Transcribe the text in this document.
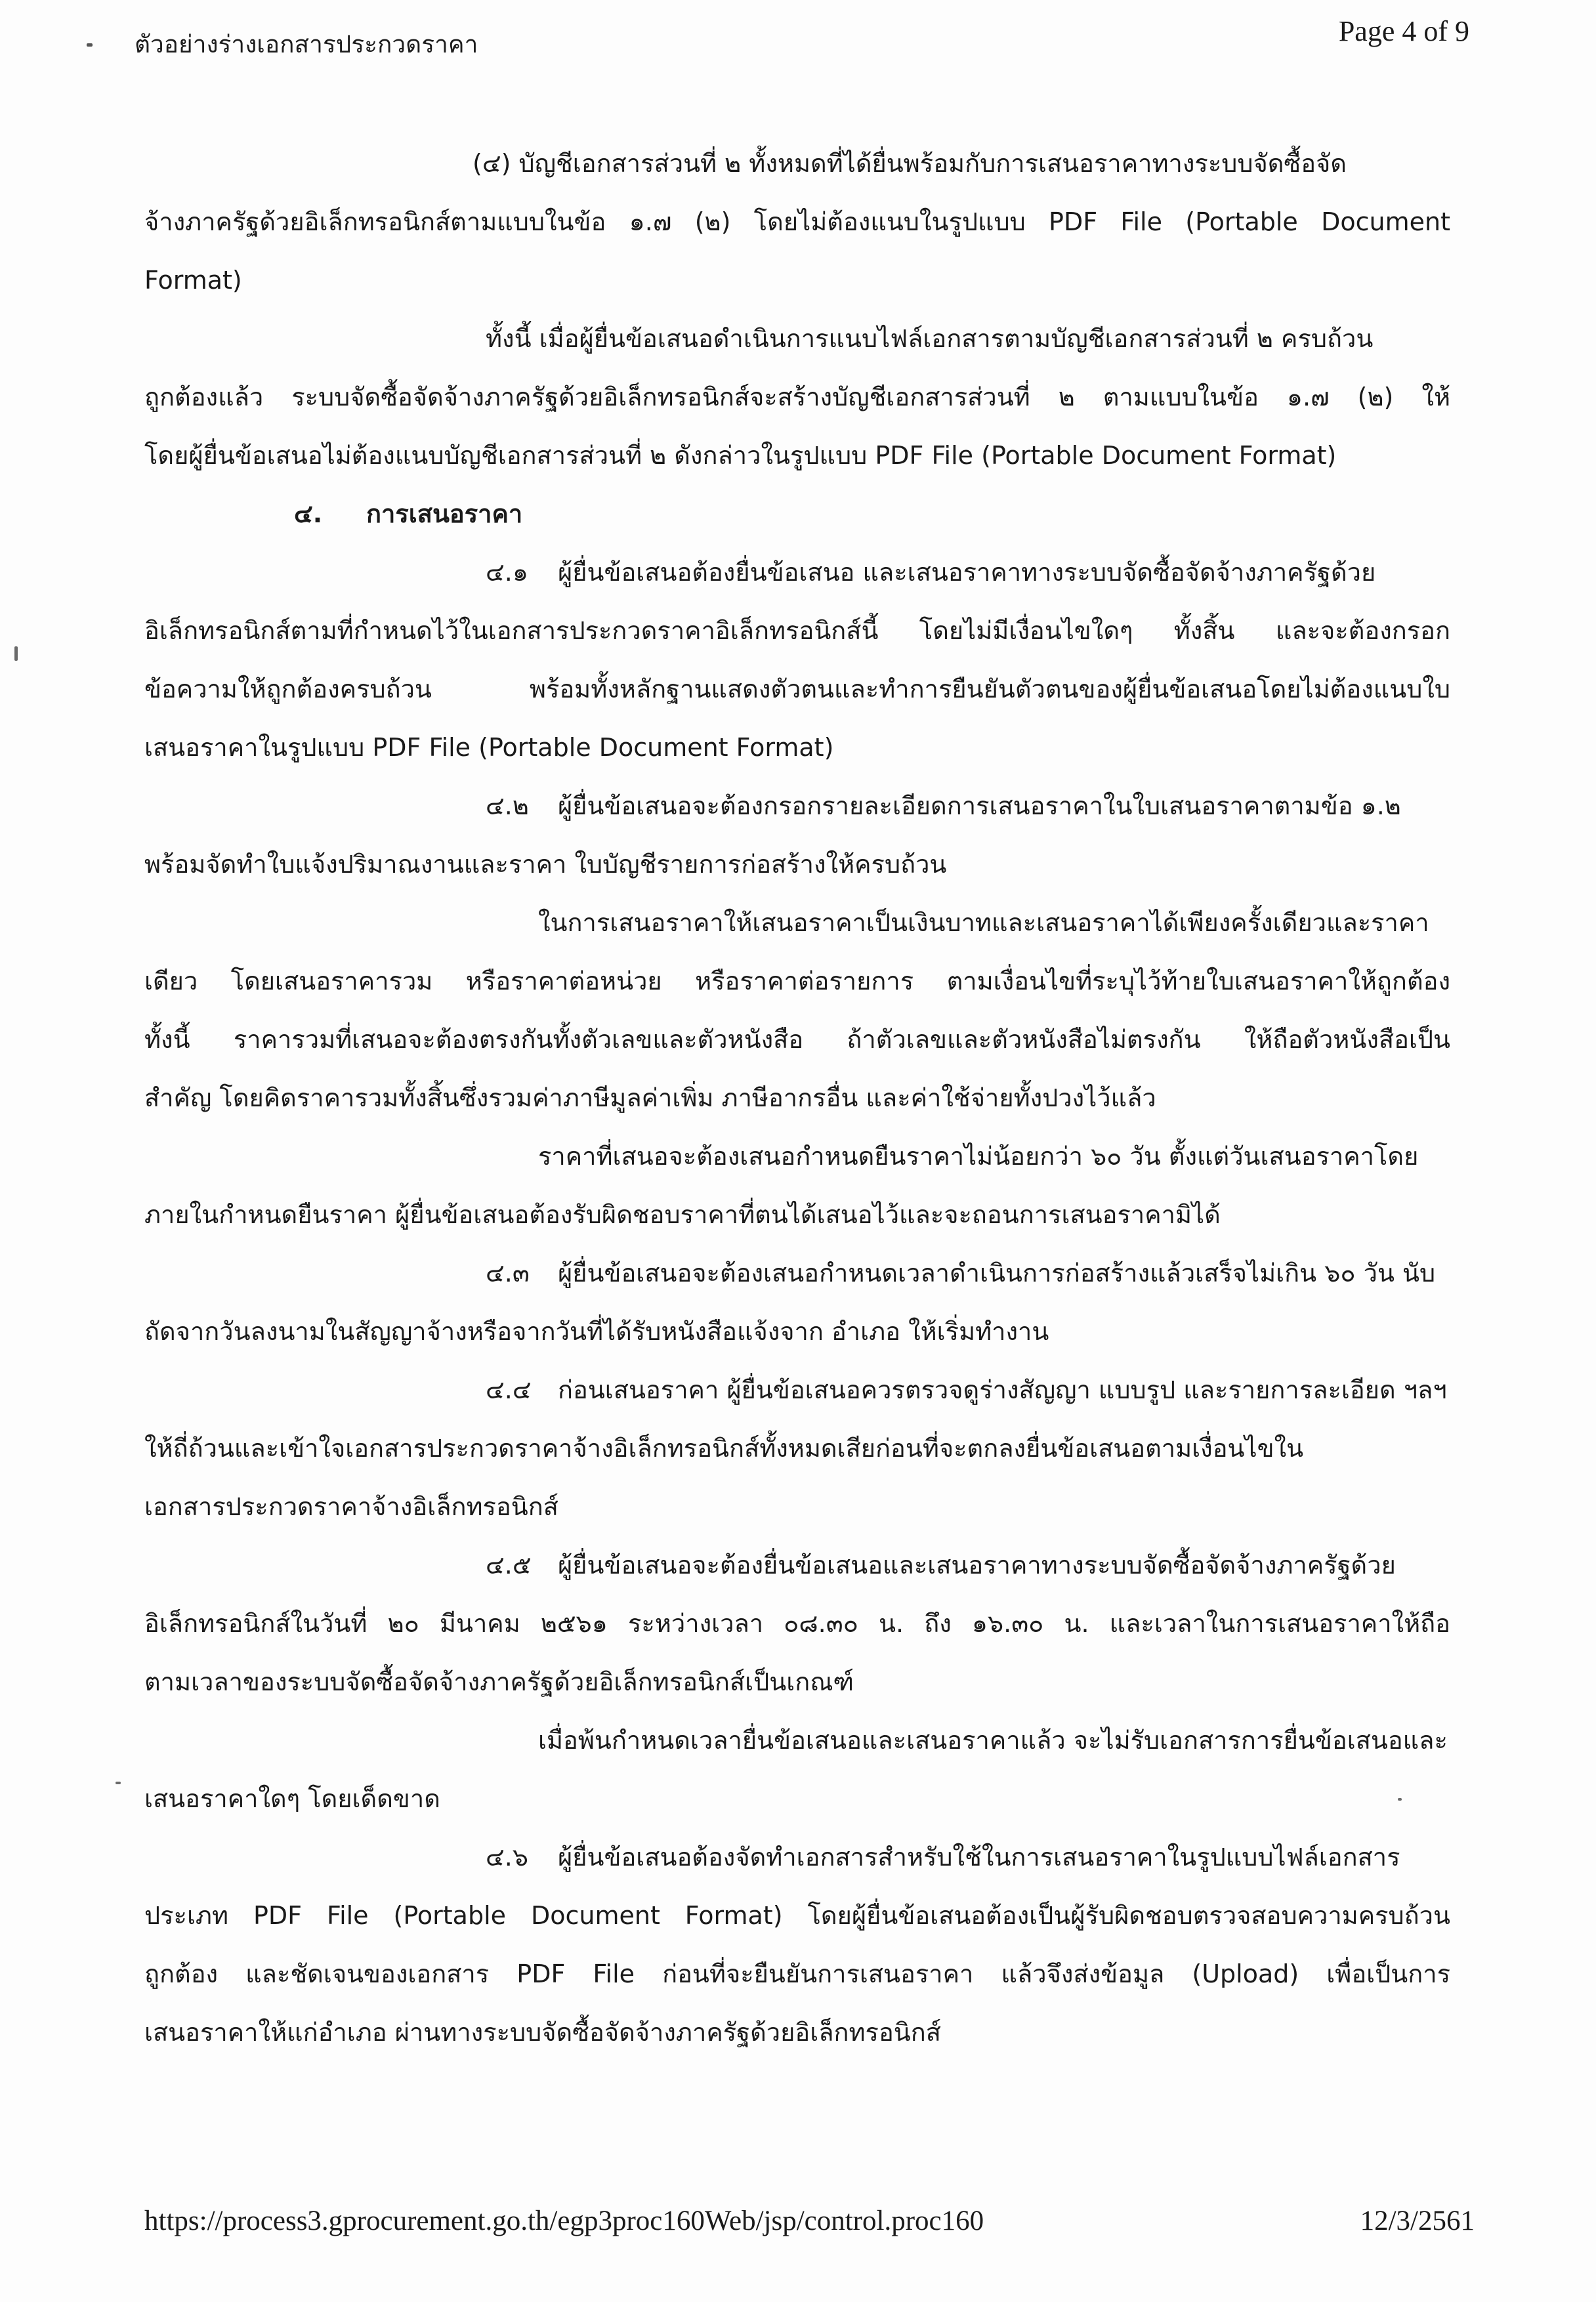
ตัวอย่างร่างเอกสารประกวดราคา	Page 4 of 9
(๔) บัญชีเอกสารส่วนที่ ๒ ทั้งหมดที่ได้ยื่นพร้อมกับการเสนอราคาทางระบบจัดซื้อจัด
จ้างภาครัฐด้วยอิเล็กทรอนิกส์ตามแบบในข้อ ๑.๗ (๒) โดยไม่ต้องแนบในรูปแบบ PDF File (Portable Document
Format)
ทั้งนี้ เมื่อผู้ยื่นข้อเสนอดำเนินการแนบไฟล์เอกสารตามบัญชีเอกสารส่วนที่ ๒ ครบถ้วน
ถูกต้องแล้ว ระบบจัดซื้อจัดจ้างภาครัฐด้วยอิเล็กทรอนิกส์จะสร้างบัญชีเอกสารส่วนที่ ๒ ตามแบบในข้อ ๑.๗ (๒) ให้
โดยผู้ยื่นข้อเสนอไม่ต้องแนบบัญชีเอกสารส่วนที่ ๒ ดังกล่าวในรูปแบบ PDF File (Portable Document Format)
๔. การเสนอราคา
๔.๑ ผู้ยื่นข้อเสนอต้องยื่นข้อเสนอ และเสนอราคาทางระบบจัดซื้อจัดจ้างภาครัฐด้วย
อิเล็กทรอนิกส์ตามที่กำหนดไว้ในเอกสารประกวดราคาอิเล็กทรอนิกส์นี้ โดยไม่มีเงื่อนไขใดๆ ทั้งสิ้น และจะต้องกรอก
ข้อความให้ถูกต้องครบถ้วน พร้อมทั้งหลักฐานแสดงตัวตนและทำการยืนยันตัวตนของผู้ยื่นข้อเสนอโดยไม่ต้องแนบใบ
เสนอราคาในรูปแบบ PDF File (Portable Document Format)
๔.๒ ผู้ยื่นข้อเสนอจะต้องกรอกรายละเอียดการเสนอราคาในใบเสนอราคาตามข้อ ๑.๒
พร้อมจัดทำใบแจ้งปริมาณงานและราคา ใบบัญชีรายการก่อสร้างให้ครบถ้วน
ในการเสนอราคาให้เสนอราคาเป็นเงินบาทและเสนอราคาได้เพียงครั้งเดียวและราคา
เดียว โดยเสนอราคารวม หรือราคาต่อหน่วย หรือราคาต่อรายการ ตามเงื่อนไขที่ระบุไว้ท้ายใบเสนอราคาให้ถูกต้อง
ทั้งนี้ ราคารวมที่เสนอจะต้องตรงกันทั้งตัวเลขและตัวหนังสือ ถ้าตัวเลขและตัวหนังสือไม่ตรงกัน ให้ถือตัวหนังสือเป็น
สำคัญ โดยคิดราคารวมทั้งสิ้นซึ่งรวมค่าภาษีมูลค่าเพิ่ม ภาษีอากรอื่น และค่าใช้จ่ายทั้งปวงไว้แล้ว
ราคาที่เสนอจะต้องเสนอกำหนดยืนราคาไม่น้อยกว่า ๖๐ วัน ตั้งแต่วันเสนอราคาโดย
ภายในกำหนดยืนราคา ผู้ยื่นข้อเสนอต้องรับผิดชอบราคาที่ตนได้เสนอไว้และจะถอนการเสนอราคามิได้
๔.๓ ผู้ยื่นข้อเสนอจะต้องเสนอกำหนดเวลาดำเนินการก่อสร้างแล้วเสร็จไม่เกิน ๖๐ วัน นับ
ถัดจากวันลงนามในสัญญาจ้างหรือจากวันที่ได้รับหนังสือแจ้งจาก อำเภอ ให้เริ่มทำงาน
๔.๔ ก่อนเสนอราคา ผู้ยื่นข้อเสนอควรตรวจดูร่างสัญญา แบบรูป และรายการละเอียด ฯลฯ
ให้ถี่ถ้วนและเข้าใจเอกสารประกวดราคาจ้างอิเล็กทรอนิกส์ทั้งหมดเสียก่อนที่จะตกลงยื่นข้อเสนอตามเงื่อนไขใน
เอกสารประกวดราคาจ้างอิเล็กทรอนิกส์
๔.๕ ผู้ยื่นข้อเสนอจะต้องยื่นข้อเสนอและเสนอราคาทางระบบจัดซื้อจัดจ้างภาครัฐด้วย
อิเล็กทรอนิกส์ในวันที่ ๒๐ มีนาคม ๒๕๖๑ ระหว่างเวลา ๐๘.๓๐ น. ถึง ๑๖.๓๐ น. และเวลาในการเสนอราคาให้ถือ
ตามเวลาของระบบจัดซื้อจัดจ้างภาครัฐด้วยอิเล็กทรอนิกส์เป็นเกณฑ์
เมื่อพ้นกำหนดเวลายื่นข้อเสนอและเสนอราคาแล้ว จะไม่รับเอกสารการยื่นข้อเสนอและ
เสนอราคาใดๆ โดยเด็ดขาด
๔.๖ ผู้ยื่นข้อเสนอต้องจัดทำเอกสารสำหรับใช้ในการเสนอราคาในรูปแบบไฟล์เอกสาร
ประเภท PDF File (Portable Document Format) โดยผู้ยื่นข้อเสนอต้องเป็นผู้รับผิดชอบตรวจสอบความครบถ้วน
ถูกต้อง และชัดเจนของเอกสาร PDF File ก่อนที่จะยืนยันการเสนอราคา แล้วจึงส่งข้อมูล (Upload) เพื่อเป็นการ
เสนอราคาให้แก่อำเภอ ผ่านทางระบบจัดซื้อจัดจ้างภาครัฐด้วยอิเล็กทรอนิกส์
https://process3.gprocurement.go.th/egp3proc160Web/jsp/control.proc160	12/3/2561
